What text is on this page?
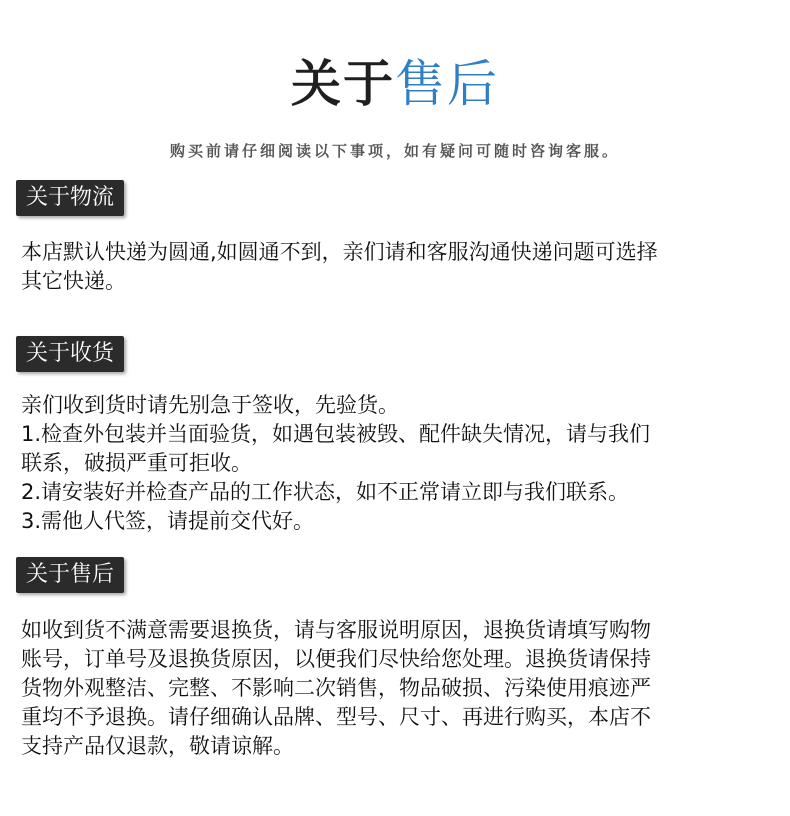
关于售后
购买前请仔细阅读以下事项，如有疑问可随时咨询客服。
关于物流
本店默认快递为圆通,如圆通不到，亲们请和客服沟通快递问题可选择
其它快递。
关于收货
亲们收到货时请先别急于签收，先验货。
1.检查外包装并当面验货，如遇包装被毁、配件缺失情况，请与我们
联系，破损严重可拒收。
2.请安装好并检查产品的工作状态，如不正常请立即与我们联系。
3.需他人代签，请提前交代好。
关于售后
如收到货不满意需要退换货，请与客服说明原因，退换货请填写购物
账号，订单号及退换货原因，以便我们尽快给您处理。退换货请保持
货物外观整洁、完整、不影响二次销售，物品破损、污染使用痕迹严
重均不予退换。请仔细确认品牌、型号、尺寸、再进行购买，本店不
支持产品仅退款，敬请谅解。
